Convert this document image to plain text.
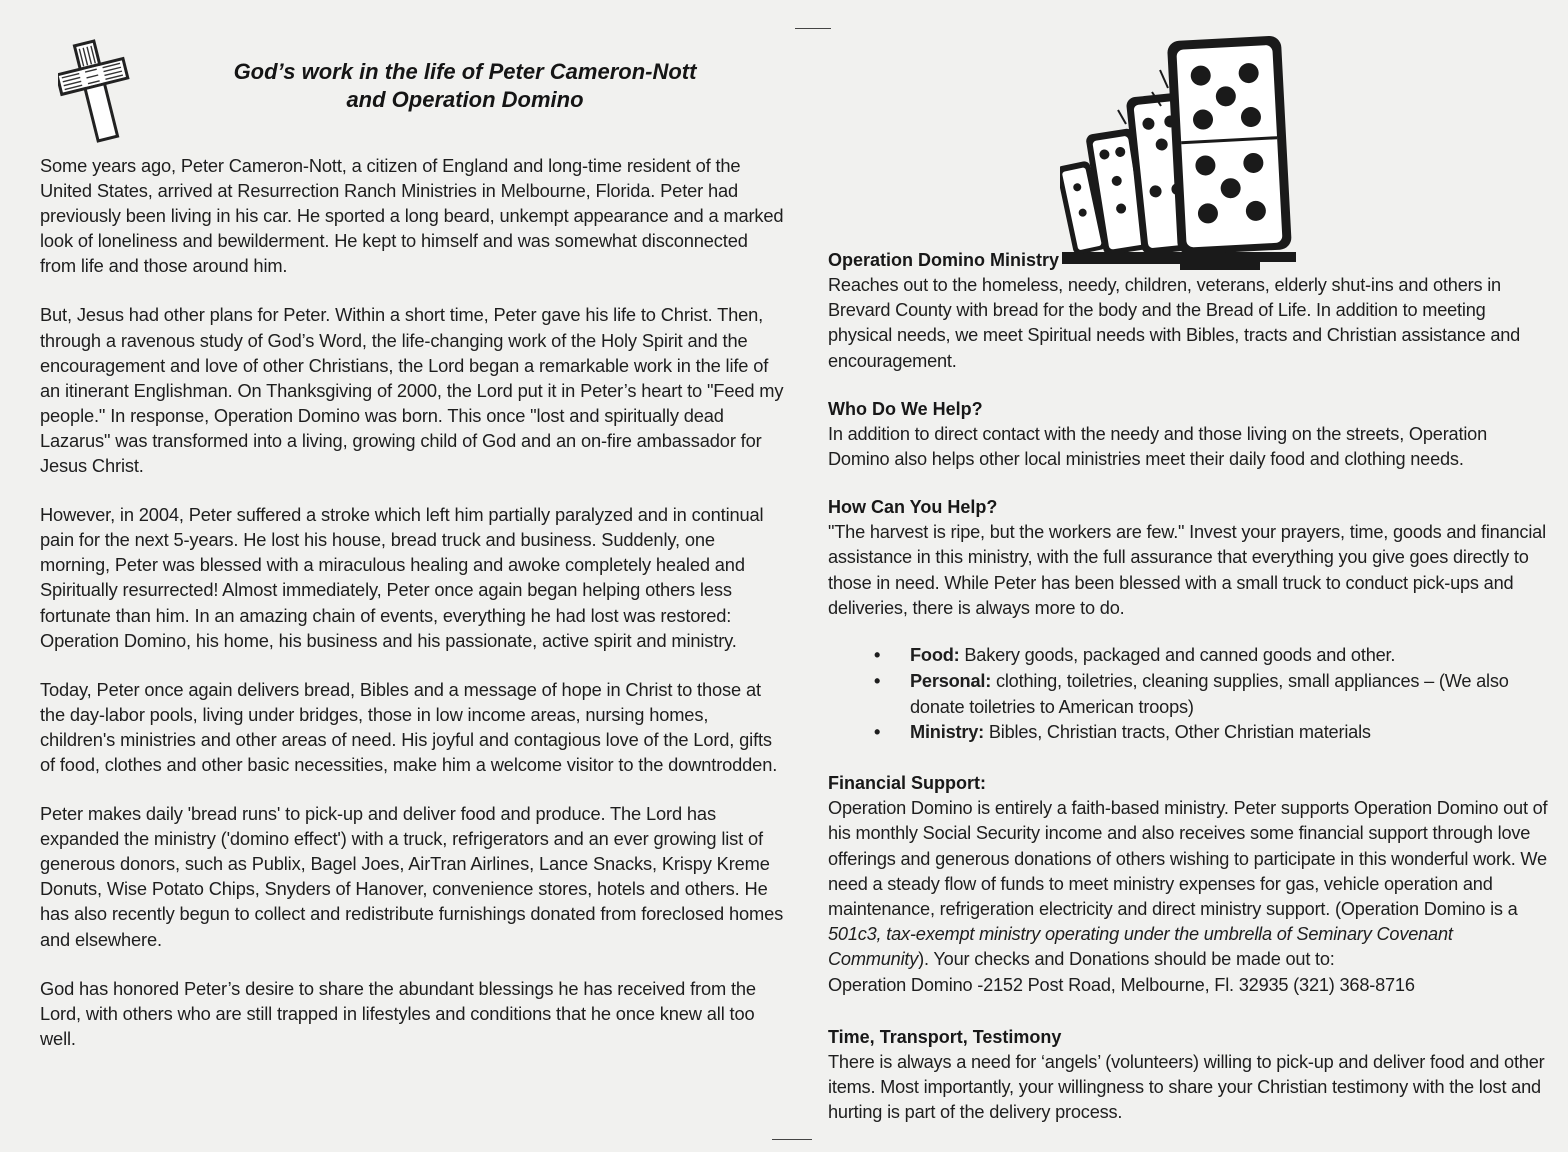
God’s work in the life of Peter Cameron-Nott
and Operation Domino

Some years ago, Peter Cameron-Nott, a citizen of England and long-time resident of the United States, arrived at Resurrection Ranch Ministries in Melbourne, Florida. Peter had previously been living in his car. He sported a long beard, unkempt appearance and a marked look of loneliness and bewilderment. He kept to himself and was somewhat disconnected from life and those around him.

But, Jesus had other plans for Peter. Within a short time, Peter gave his life to Christ. Then, through a ravenous study of God’s Word, the life-changing work of the Holy Spirit and the encouragement and love of other Christians, the Lord began a remarkable work in the life of an itinerant Englishman. On Thanksgiving of 2000, the Lord put it in Peter’s heart to "Feed my people." In response, Operation Domino was born. This once "lost and spiritually dead Lazarus" was transformed into a living, growing child of God and an on-fire ambassador for Jesus Christ.

However, in 2004, Peter suffered a stroke which left him partially paralyzed and in continual pain for the next 5-years. He lost his house, bread truck and business. Suddenly, one morning, Peter was blessed with a miraculous healing and awoke completely healed and Spiritually resurrected! Almost immediately, Peter once again began helping others less fortunate than him. In an amazing chain of events, everything he had lost was restored: Operation Domino, his home, his business and his passionate, active spirit and ministry.

Today, Peter once again delivers bread, Bibles and a message of hope in Christ to those at the day-labor pools, living under bridges, those in low income areas, nursing homes, children's ministries and other areas of need. His joyful and contagious love of the Lord, gifts of food, clothes and other basic necessities, make him a welcome visitor to the downtrodden.

Peter makes daily 'bread runs' to pick-up and deliver food and produce. The Lord has expanded the ministry ('domino effect') with a truck, refrigerators and an ever growing list of generous donors, such as Publix, Bagel Joes, AirTran Airlines, Lance Snacks, Krispy Kreme Donuts, Wise Potato Chips, Snyders of Hanover, convenience stores, hotels and others. He has also recently begun to collect and redistribute furnishings donated from foreclosed homes and elsewhere.

God has honored Peter’s desire to share the abundant blessings he has received from the Lord, with others who are still trapped in lifestyles and conditions that he once knew all too well.

Operation Domino Ministry

Reaches out to the homeless, needy, children, veterans, elderly shut-ins and others in Brevard County with bread for the body and the Bread of Life. In addition to meeting physical needs, we meet Spiritual needs with Bibles, tracts and Christian assistance and encouragement.

Who Do We Help?

In addition to direct contact with the needy and those living on the streets, Operation Domino also helps other local ministries meet their daily food and clothing needs.

How Can You Help?

"The harvest is ripe, but the workers are few." Invest your prayers, time, goods and financial assistance in this ministry, with the full assurance that everything you give goes directly to those in need. While Peter has been blessed with a small truck to conduct pick-ups and deliveries, there is always more to do.

• Food: Bakery goods, packaged and canned goods and other.
• Personal: clothing, toiletries, cleaning supplies, small appliances – (We also donate toiletries to American troops)
• Ministry: Bibles, Christian tracts, Other Christian materials
Financial Support:

Operation Domino is entirely a faith-based ministry. Peter supports Operation Domino out of his monthly Social Security income and also receives some financial support through love offerings and generous donations of others wishing to participate in this wonderful work. We need a steady flow of funds to meet ministry expenses for gas, vehicle operation and maintenance, refrigeration electricity and direct ministry support. (Operation Domino is a 501c3, tax-exempt ministry operating under the umbrella of Seminary Covenant Community). Your checks and Donations should be made out to:

Operation Domino -2152 Post Road, Melbourne, Fl. 32935 (321) 368-8716

Time, Transport, Testimony

There is always a need for ‘angels’ (volunteers) willing to pick-up and deliver food and other items. Most importantly, your willingness to share your Christian testimony with the lost and hurting is part of the delivery process.
